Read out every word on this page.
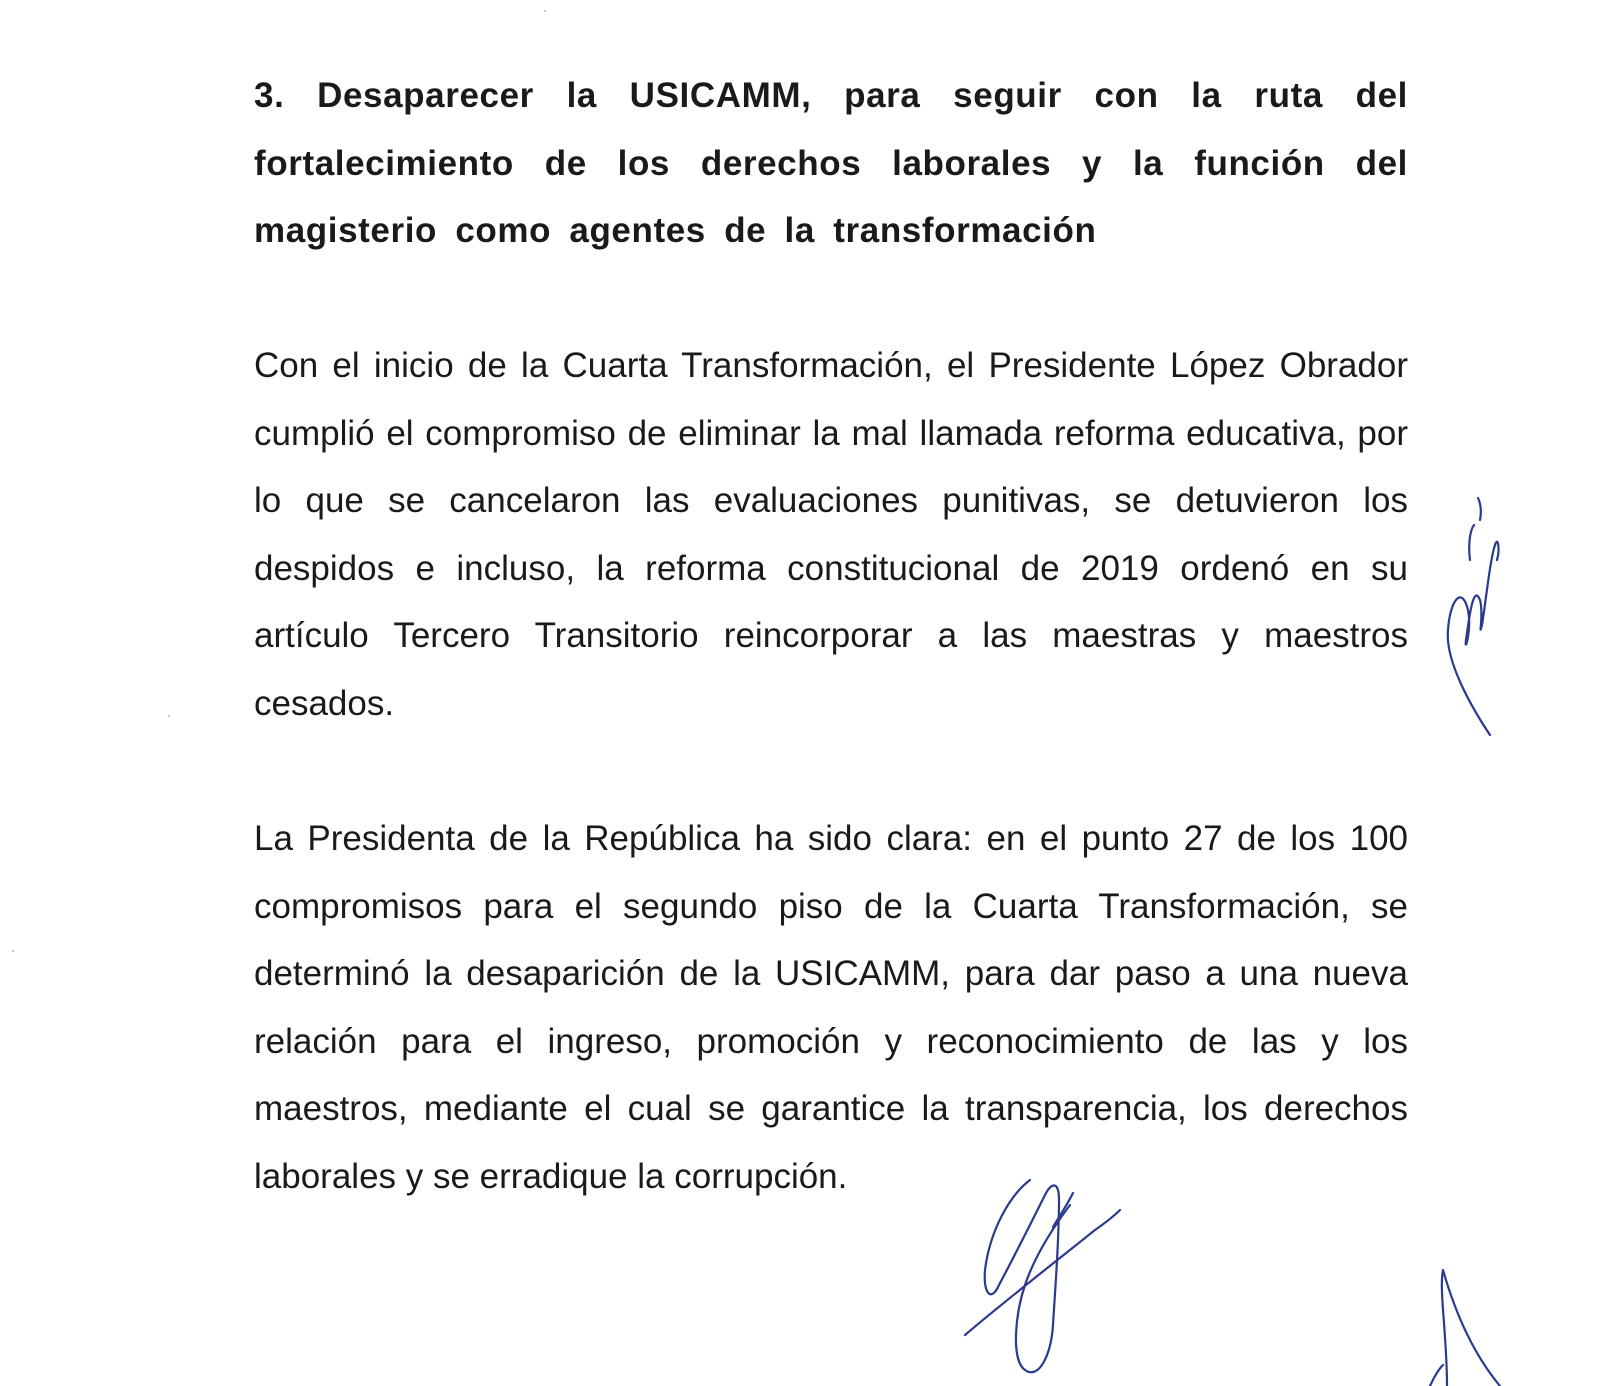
3. Desaparecer la USICAMM, para seguir con la ruta del fortalecimiento de los derechos laborales y la función del magisterio como agentes de la transformación

Con el inicio de la Cuarta Transformación, el Presidente López Obrador cumplió el compromiso de eliminar la mal llamada reforma educativa, por lo que se cancelaron las evaluaciones punitivas, se detuvieron los despidos e incluso, la reforma constitucional de 2019 ordenó en su artículo Tercero Transitorio reincorporar a las maestras y maestros cesados.

La Presidenta de la República ha sido clara: en el punto 27 de los 100 compromisos para el segundo piso de la Cuarta Transformación, se determinó la desaparición de la USICAMM, para dar paso a una nueva relación para el ingreso, promoción y reconocimiento de las y los maestros, mediante el cual se garantice la transparencia, los derechos laborales y se erradique la corrupción.
